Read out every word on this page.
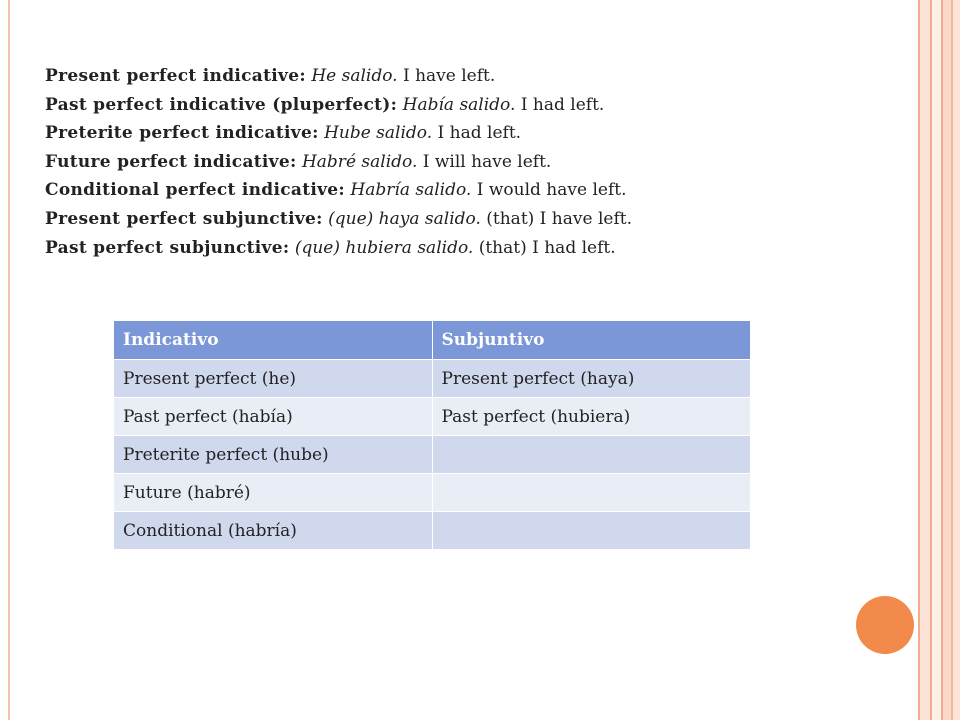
Present perfect indicative: He salido. I have left.
Past perfect indicative (pluperfect): Había salido. I had left.
Preterite perfect indicative: Hube salido. I had left.
Future perfect indicative: Habré salido. I will have left.
Conditional perfect indicative: Habría salido. I would have left.
Present perfect subjunctive: (que) haya salido. (that) I have left.
Past perfect subjunctive: (que) hubiera salido. (that) I had left.
Indicativo	Subjuntivo
Present perfect (he)	Present perfect (haya)
Past perfect (había)	Past perfect (hubiera)
Preterite perfect (hube)	
Future (habré)	
Conditional (habría)	
